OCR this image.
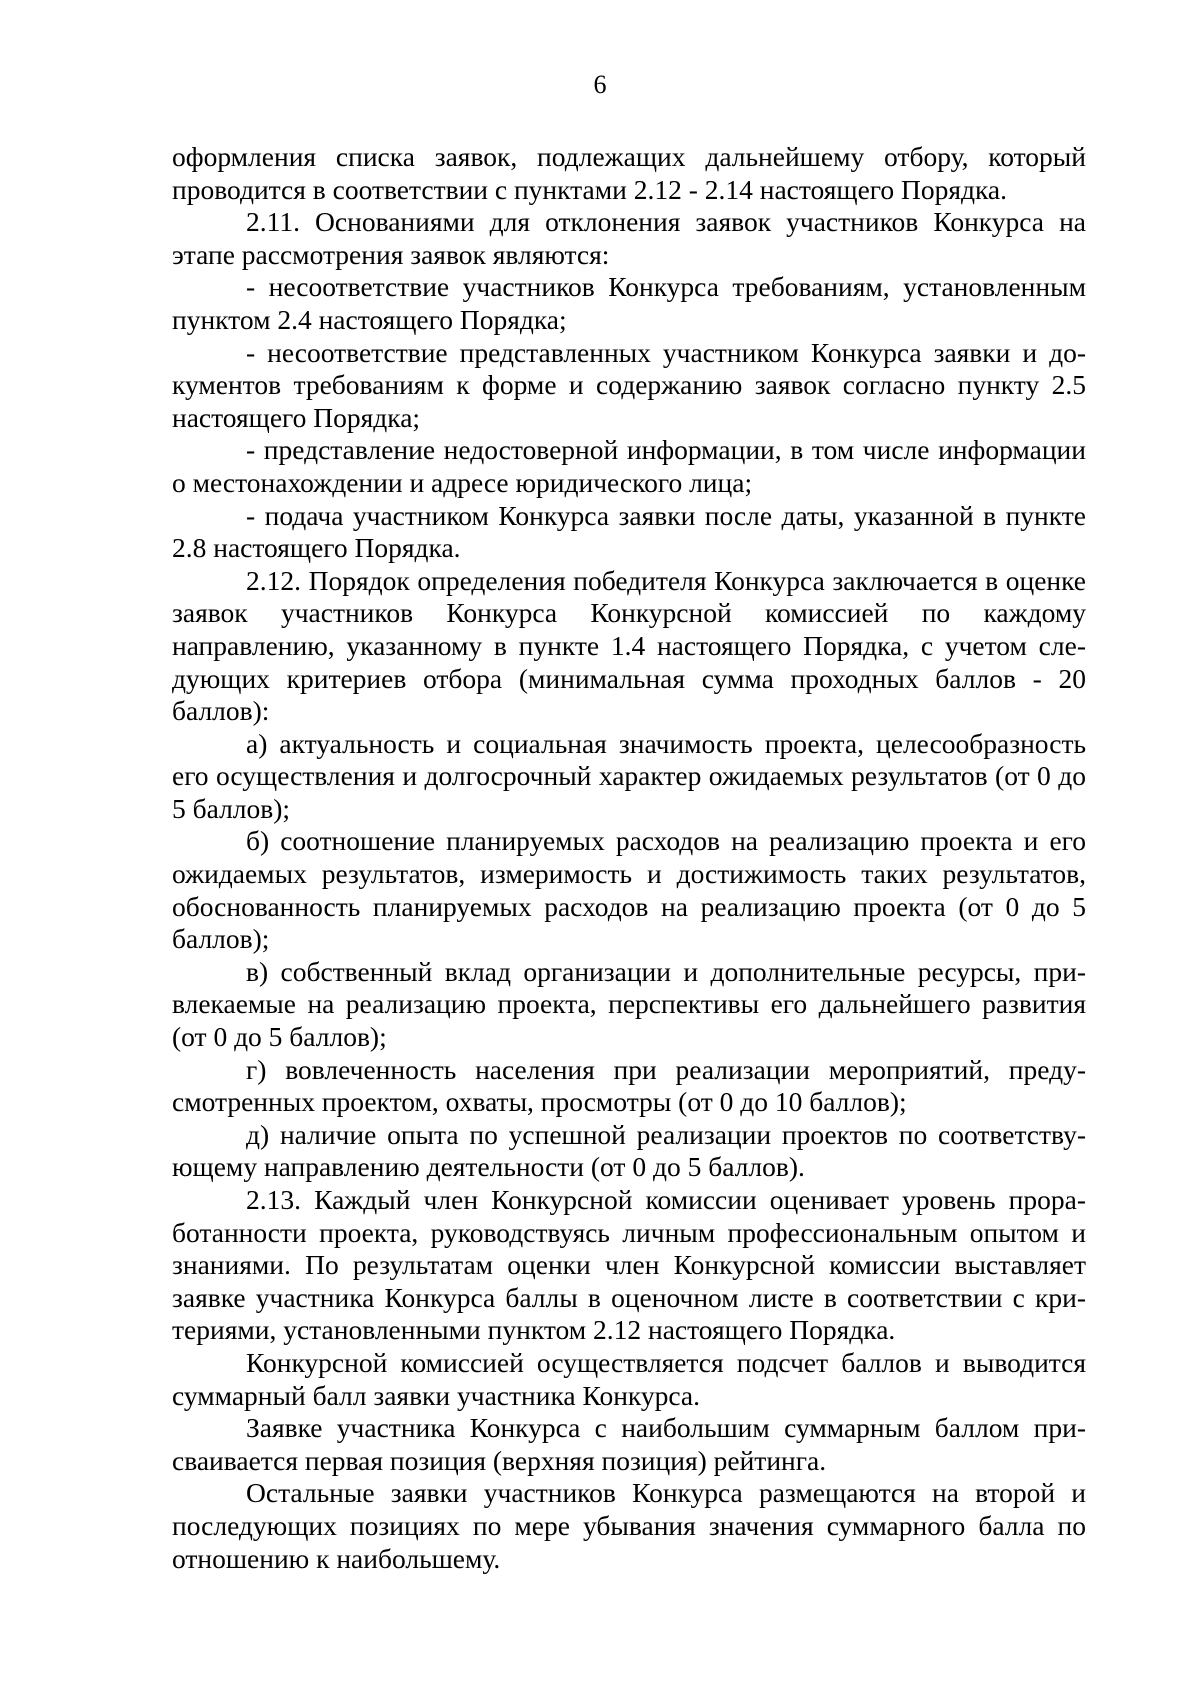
6

оформления списка заявок, подлежащих дальнейшему отбору, который проводится в соответствии с пунктами 2.12 - 2.14 настоящего Порядка.

2.11. Основаниями для отклонения заявок участников Конкурса на этапе рассмотрения заявок являются:

- несоответствие участников Конкурса требованиям, установленным пунктом 2.4 настоящего Порядка;

- несоответствие представленных участником Конкурса заявки и документов требованиям к форме и содержанию заявок согласно пункту 2.5 настоящего Порядка;

- представление недостоверной информации, в том числе информации о местонахождении и адресе юридического лица;

- подача участником Конкурса заявки после даты, указанной в пункте 2.8 настоящего Порядка.

2.12. Порядок определения победителя Конкурса заключается в оценке заявок участников Конкурса Конкурсной комиссией по каждому направлению, указанному в пункте 1.4 настоящего Порядка, с учетом следующих критериев отбора (минимальная сумма проходных баллов - 20 баллов):

а) актуальность и социальная значимость проекта, целесообразность его осуществления и долгосрочный характер ожидаемых результатов (от 0 до 5 баллов);

б) соотношение планируемых расходов на реализацию проекта и его ожидаемых результатов, измеримость и достижимость таких результатов, обоснованность планируемых расходов на реализацию проекта (от 0 до 5 баллов);

в) собственный вклад организации и дополнительные ресурсы, привлекаемые на реализацию проекта, перспективы его дальнейшего развития (от 0 до 5 баллов);

г) вовлеченность населения при реализации мероприятий, предусмотренных проектом, охваты, просмотры (от 0 до 10 баллов);

д) наличие опыта по успешной реализации проектов по соответствующему направлению деятельности (от 0 до 5 баллов).

2.13. Каждый член Конкурсной комиссии оценивает уровень проработанности проекта, руководствуясь личным профессиональным опытом и знаниями. По результатам оценки член Конкурсной комиссии выставляет заявке участника Конкурса баллы в оценочном листе в соответствии с критериями, установленными пунктом 2.12 настоящего Порядка.

Конкурсной комиссией осуществляется подсчет баллов и выводится суммарный балл заявки участника Конкурса.

Заявке участника Конкурса с наибольшим суммарным баллом присваивается первая позиция (верхняя позиция) рейтинга.

Остальные заявки участников Конкурса размещаются на второй и последующих позициях по мере убывания значения суммарного балла по отношению к наибольшему.
